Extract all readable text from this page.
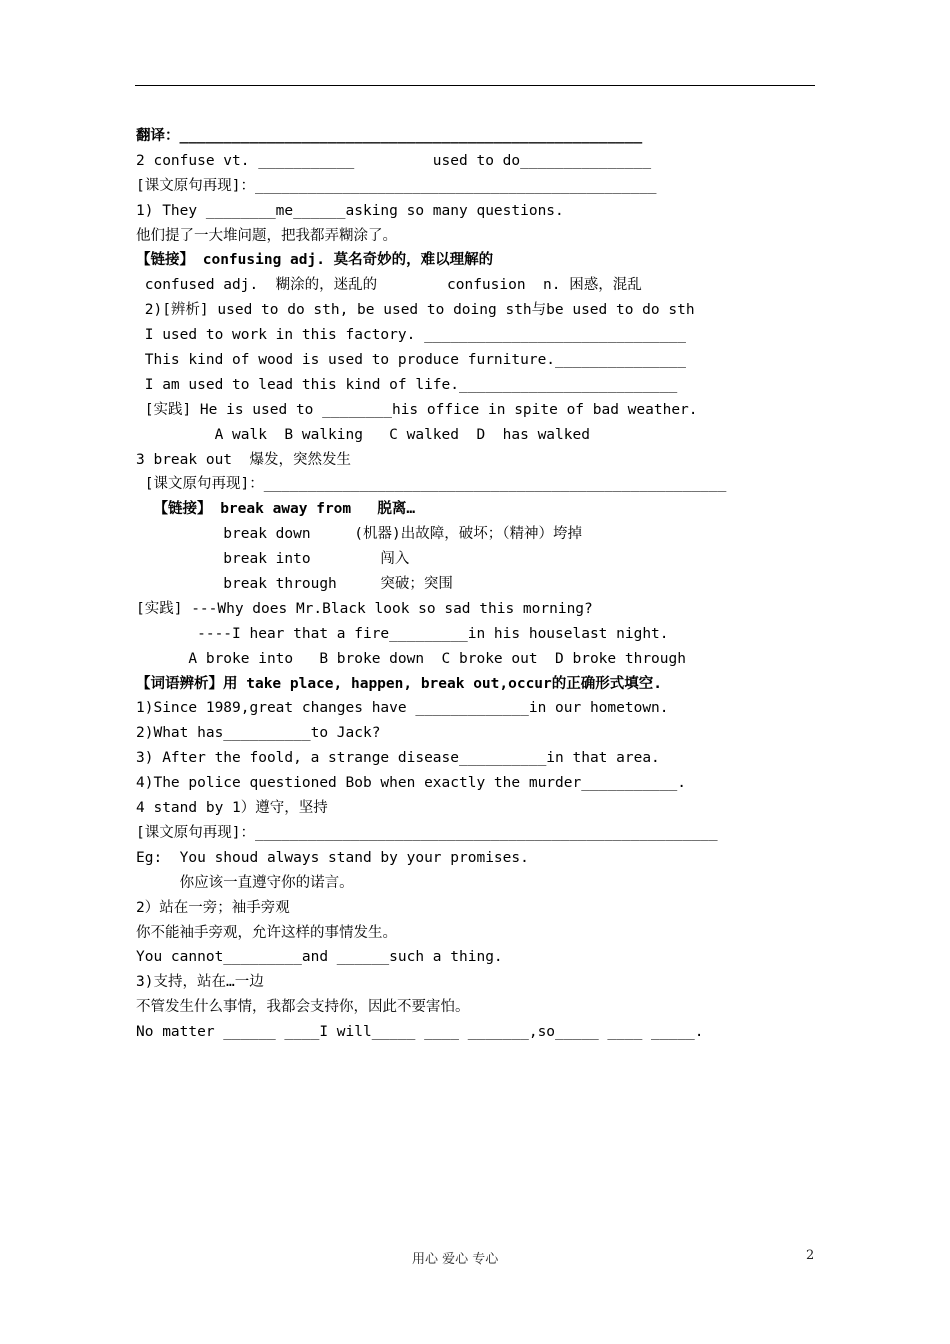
翻译：_____________________________________________________
2 confuse vt. ___________         used to do_______________
[课文原句再现]：______________________________________________
1) They ________me______asking so many questions.
他们提了一大堆问题，把我都弄糊涂了。
【链接】 confusing adj. 莫名奇妙的，难以理解的
confused adj.  糊涂的，迷乱的        confusion  n. 困惑，混乱
2)[辨析] used to do sth, be used to doing sth与be used to do sth
I used to work in this factory. ______________________________
This kind of wood is used to produce furniture._______________
I am used to lead this kind of life._________________________
[实践] He is used to ________his office in spite of bad weather.
A walk  B walking   C walked  D  has walked
3 break out  爆发，突然发生
[课文原句再现]：_____________________________________________________
【链接】 break away from   脱离…
break down     (机器)出故障，破坏；（精神）垮掉
break into        闯入
break through     突破；突围
[实践] ---Why does Mr.Black look so sad this morning?
----I hear that a fire_________in his houselast night.
A broke into   B broke down  C broke out  D broke through
【词语辨析】用 take place, happen, break out,occur的正确形式填空.
1)Since 1989,great changes have _____________in our hometown.
2)What has__________to Jack?
3) After the foold, a strange disease__________in that area.
4)The police questioned Bob when exactly the murder___________.
4 stand by 1）遵守，坚持
[课文原句再现]：_____________________________________________________
Eg:  You shoud always stand by your promises.
你应该一直遵守你的诺言。
2）站在一旁；袖手旁观
你不能袖手旁观，允许这样的事情发生。
You cannot_________and ______such a thing.
3)支持，站在…一边
不管发生什么事情，我都会支持你，因此不要害怕。
No matter ______ ____I will_____ ____ _______,so_____ ____ _____.
用心 爱心 专心	2
